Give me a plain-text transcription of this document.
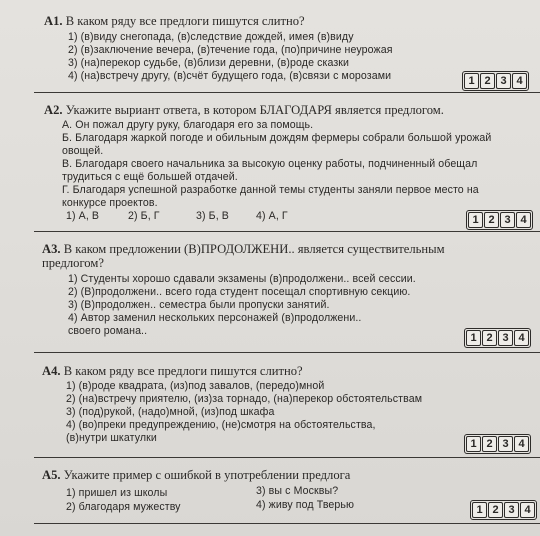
A1. В каком ряду все предлоги пишутся слитно?
1) (в)виду снегопада, (в)следствие дождей, имея (в)виду
2) (в)заключение вечера, (в)течение года, (по)причине неурожая
3) (на)перекор судьбе, (в)близи деревни, (в)роде сказки
4) (на)встречу другу, (в)счёт будущего года, (в)связи с морозами	1 2 3 4
A2. Укажите выриант ответа, в котором БЛАГОДАРЯ является предлогом.
А. Он пожал другу руку, благодаря его за помощь.
Б. Благодаря жаркой погоде и обильным дождям фермеры собрали большой урожай
овощей.
В. Благодаря своего начальника за высокую оценку работы, подчиненный обещал
трудиться с ещё большей отдачей.
Г. Благодаря успешной разработке данной темы студенты заняли первое место на
конкурсе проектов.
1) А, В	2) Б, Г	3) Б, В	4) А, Г	1 2 3 4
A3. В каком предложении (В)ПРОДОЛЖЕНИ.. является существительным
предлогом?
1) Студенты хорошо сдавали экзамены (в)продолжени.. всей сессии.
2) (В)продолжени.. всего года студент посещал спортивную секцию.
3) (В)продолжен.. семестра были пропуски занятий.
4) Автор заменил нескольких персонажей (в)продолжени..
своего романа..
1 2 3 4
A4. В каком ряду все предлоги пишутся слитно?
1) (в)роде квадрата, (из)под завалов, (передо)мной
2) (на)встречу приятелю, (из)за торнадо, (на)перекор обстоятельствам
3) (под)рукой, (надо)мной, (из)под шкафа
4) (во)преки предупреждению, (не)смотря на обстоятельства,
(в)нутри шкатулки	1 2 3 4
A5. Укажите пример с ошибкой в употреблении предлога
1) пришел из школы
2) благодаря мужеству
3) вы с Москвы?
4) живу под Тверью	1 2 3 4
